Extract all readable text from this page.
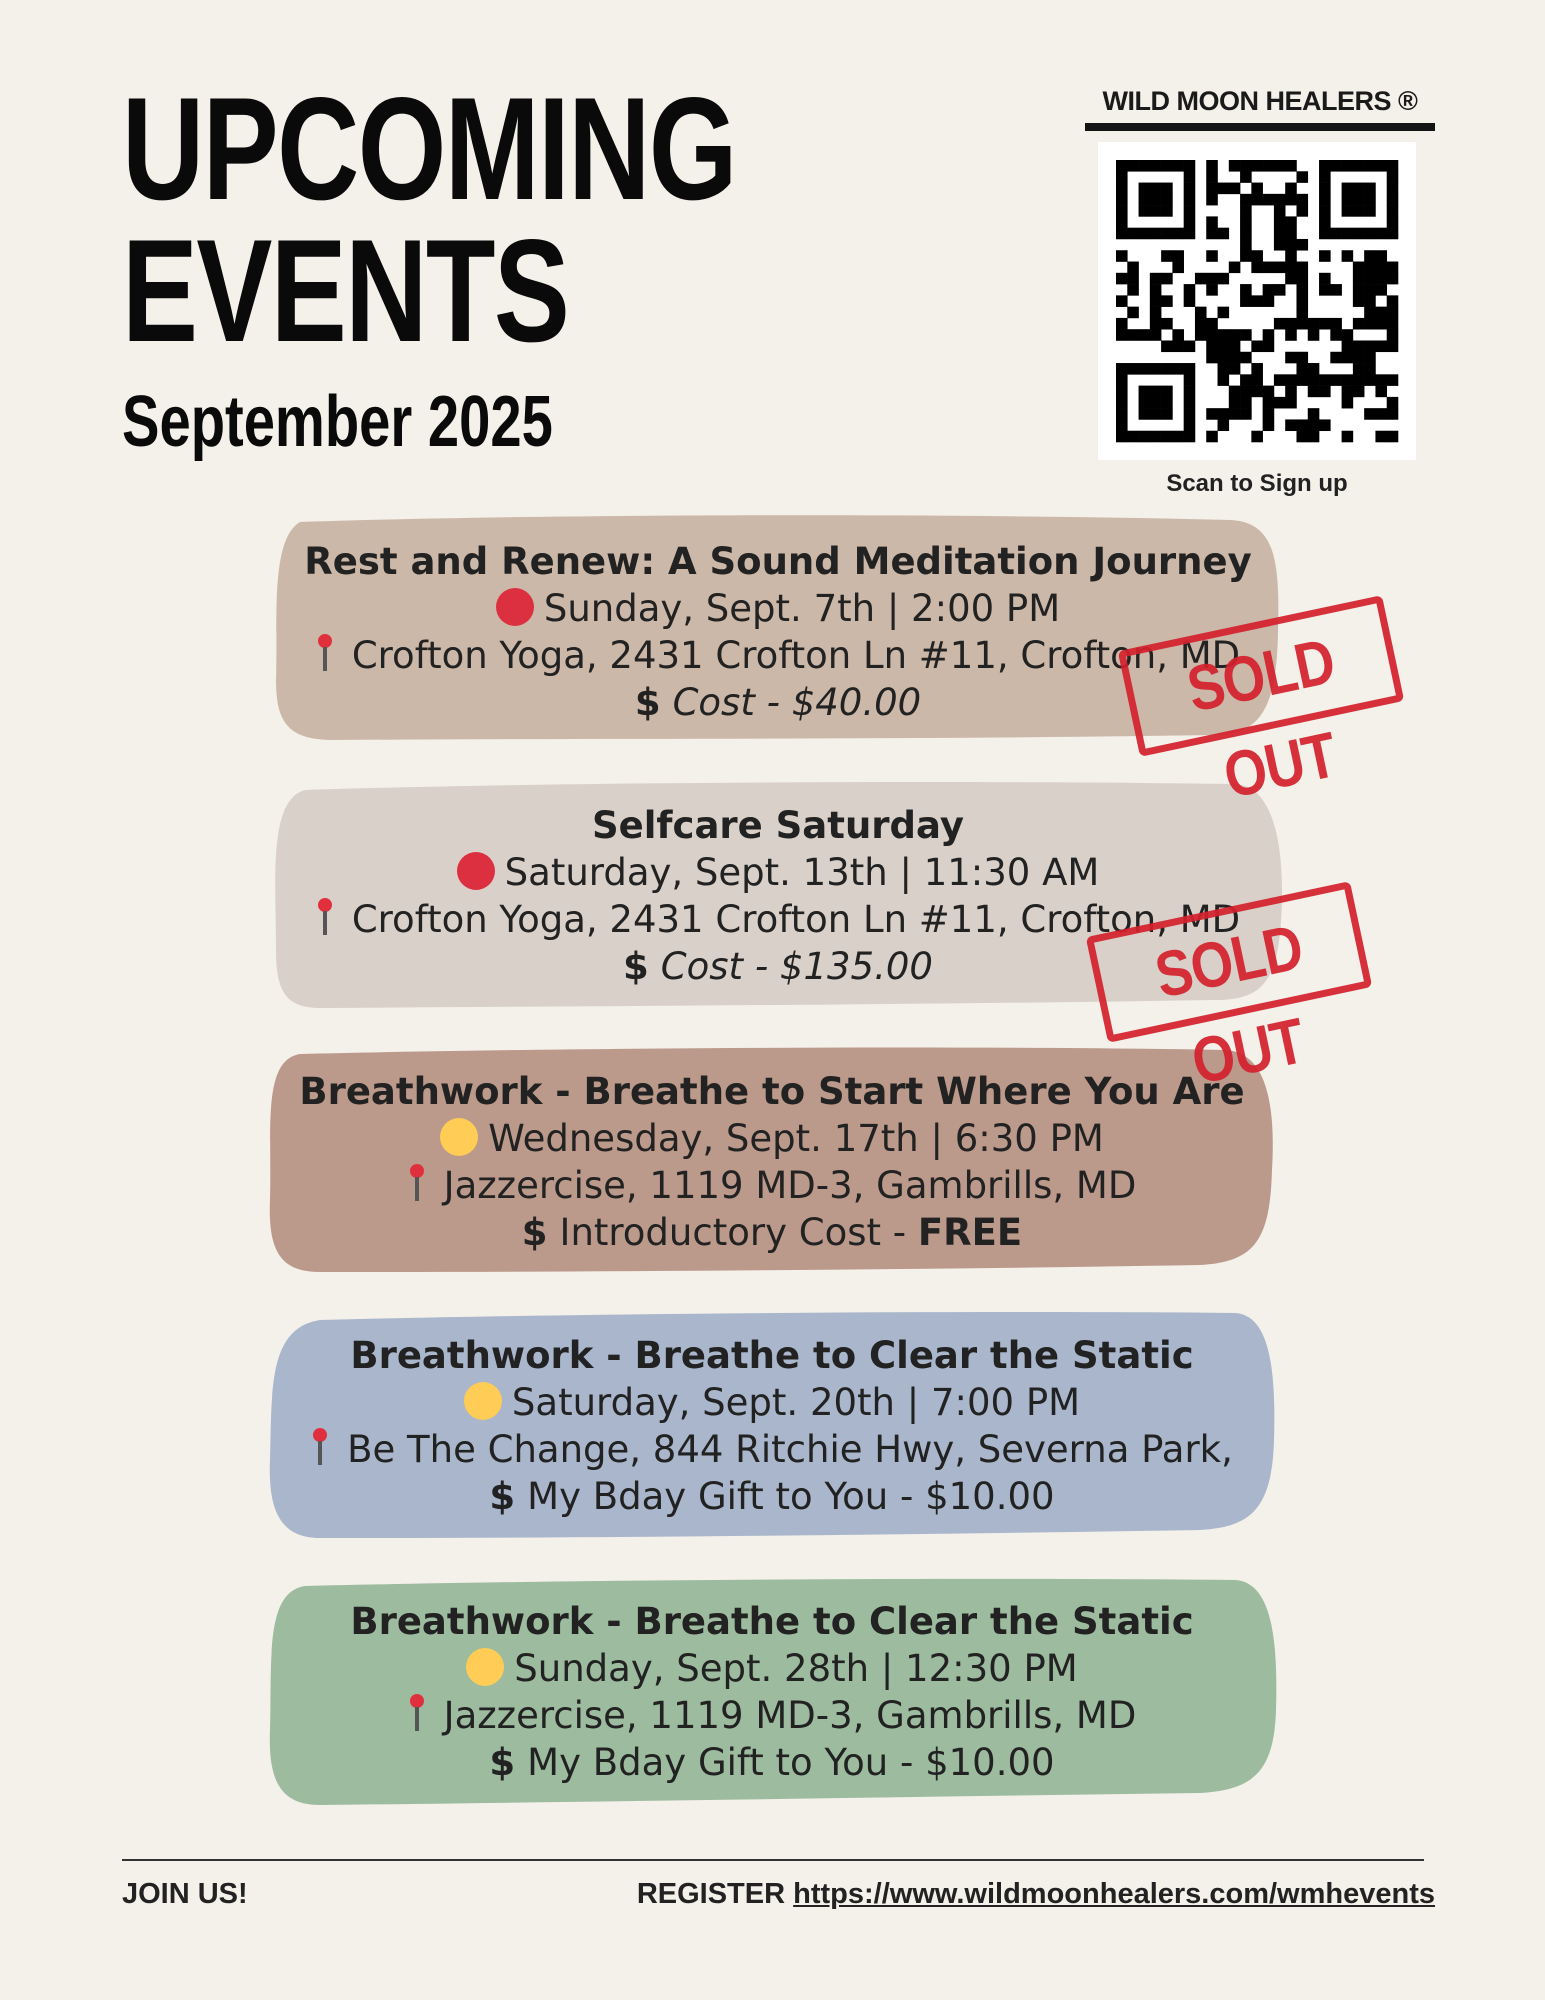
UPCOMING
EVENTS
September 2025
WILD MOON HEALERS ®
Scan to Sign up
Rest and Renew: A Sound Meditation Journey
Sunday, Sept. 7th | 2:00 PM
Crofton Yoga, 2431 Crofton Ln #11, Crofton, MD
$ Cost - $40.00	SOLD OUT
Selfcare Saturday
Saturday, Sept. 13th | 11:30 AM
Crofton Yoga, 2431 Crofton Ln #11, Crofton, MD
$ Cost - $135.00	SOLD OUT
Breathwork - Breathe to Start Where You Are
Wednesday, Sept. 17th | 6:30 PM
Jazzercise, 1119 MD-3, Gambrills, MD
$ Introductory Cost - FREE
Breathwork - Breathe to Clear the Static
Saturday, Sept. 20th | 7:00 PM
Be The Change, 844 Ritchie Hwy, Severna Park,
$ My Bday Gift to You - $10.00
Breathwork - Breathe to Clear the Static
Sunday, Sept. 28th | 12:30 PM
Jazzercise, 1119 MD-3, Gambrills, MD
$ My Bday Gift to You - $10.00
JOIN US!	REGISTER https://www.wildmoonhealers.com/wmhevents
